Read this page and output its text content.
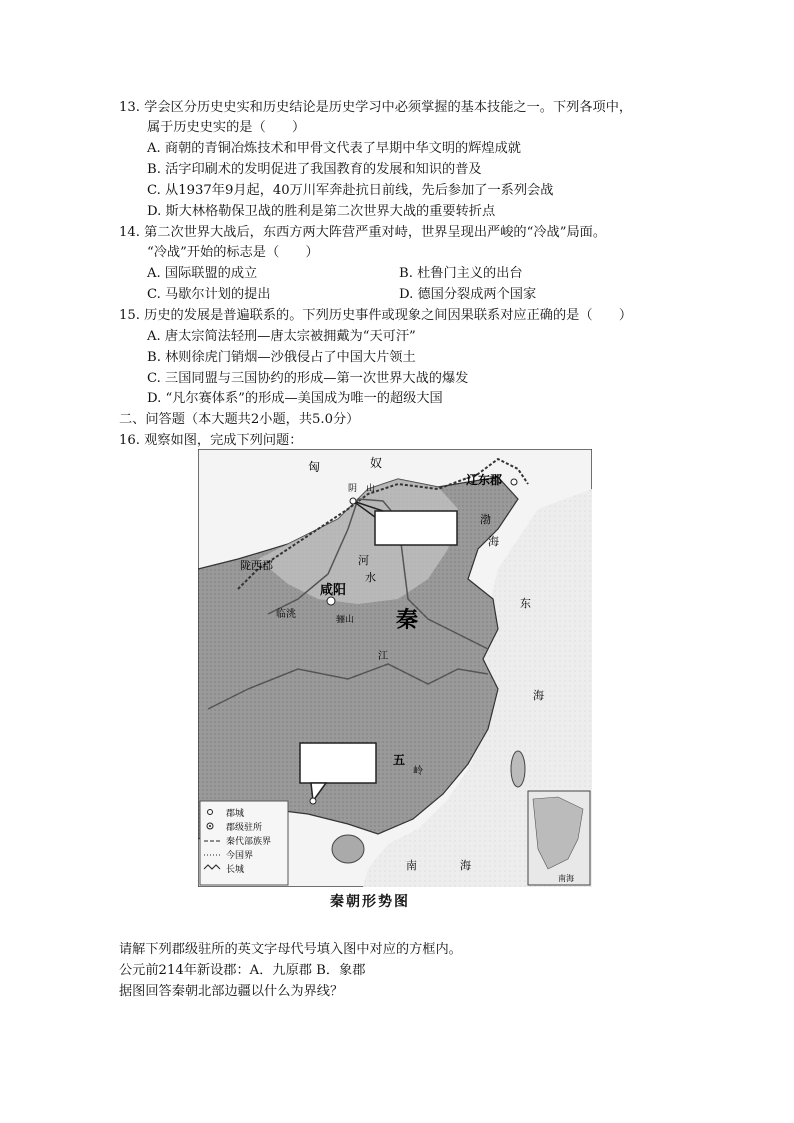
13. 学会区分历史史实和历史结论是历史学习中必须掌握的基本技能之一。下列各项中，
属于历史史实的是（　　）
A. 商朝的青铜冶炼技术和甲骨文代表了早期中华文明的辉煌成就
B. 活字印刷术的发明促进了我国教育的发展和知识的普及
C. 从1937年9月起，40万川军奔赴抗日前线，先后参加了一系列会战
D. 斯大林格勒保卫战的胜利是第二次世界大战的重要转折点
14. 第二次世界大战后，东西方两大阵营严重对峙，世界呈现出严峻的“冷战”局面。
“冷战”开始的标志是（　　）
A. 国际联盟的成立	B. 杜鲁门主义的出台
C. 马歇尔计划的提出	D. 德国分裂成两个国家
15. 历史的发展是普遍联系的。下列历史事件或现象之间因果联系对应正确的是（　　）
A. 唐太宗简法轻刑—唐太宗被拥戴为“天可汗”
B. 林则徐虎门销烟—沙俄侵占了中国大片领土
C. 三国同盟与三国协约的形成—第一次世界大战的爆发
D. “凡尔赛体系”的形成—美国成为唯一的超级大国
二、问答题（本大题共2小题，共5.0分）
16. 观察如图，完成下列问题：
郡城
郡级驻所
秦代部族界
今国界
长城
南海
匈	奴
辽东郡
阴 山
陇西郡
临洮
咸阳
骊山 秦
河
水
渤
海
东
江
海
五
岭
南	海
秦朝形势图
请解下列郡级驻所的英文字母代号填入图中对应的方框内。
公元前214年新设郡：A．九原郡 B．象郡
据图回答秦朝北部边疆以什么为界线？
